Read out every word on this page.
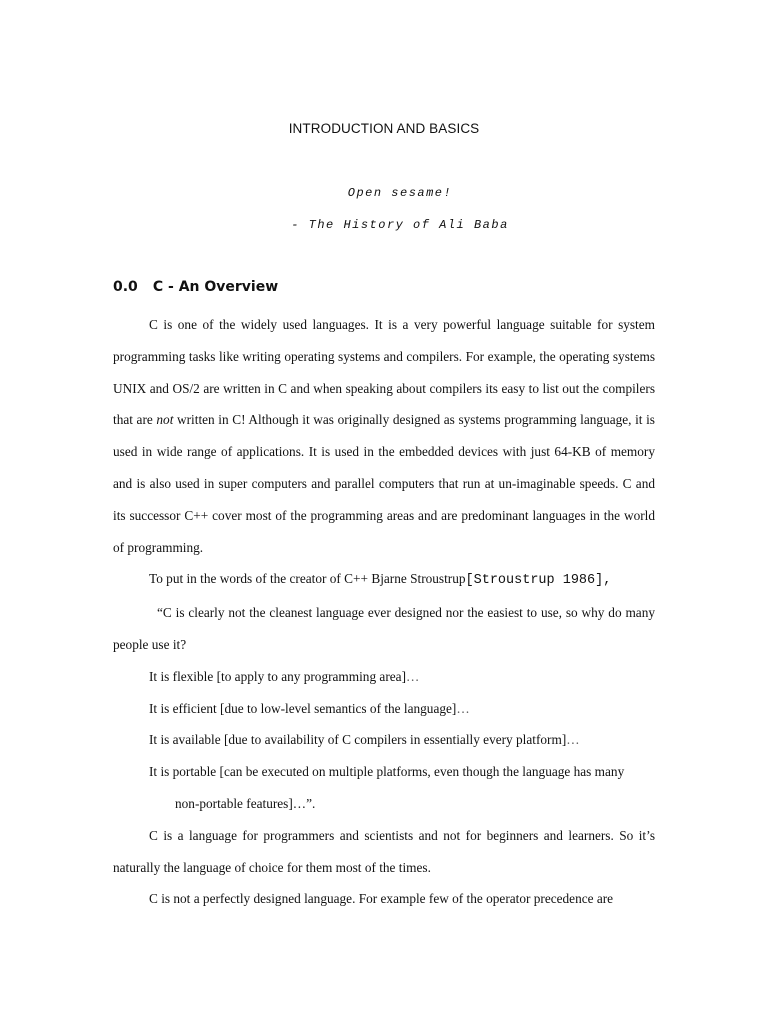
INTRODUCTION AND BASICS
Open sesame!
- The History of Ali Baba
0.0 C - An Overview

C is one of the widely used languages. It is a very powerful language suitable for system programming tasks like writing operating systems and compilers. For example, the operating systems UNIX and OS/2 are written in C and when speaking about compilers its easy to list out the compilers that are not written in C! Although it was originally designed as systems programming language, it is used in wide range of applications. It is used in the embedded devices with just 64-KB of memory and is also used in super computers and parallel computers that run at un-imaginable speeds. C and its successor C++ cover most of the programming areas and are predominant languages in the world of programming.

To put in the words of the creator of C++ Bjarne Stroustrup[Stroustrup 1986],

“C is clearly not the cleanest language ever designed nor the easiest to use, so why do many people use it?

It is flexible [to apply to any programming area]…

It is efficient [due to low-level semantics of the language]…

It is available [due to availability of C compilers in essentially every platform]…

It is portable [can be executed on multiple platforms, even though the language has many

non-portable features]…”.

C is a language for programmers and scientists and not for beginners and learners. So it’s naturally the language of choice for them most of the times.

C is not a perfectly designed language. For example few of the operator precedence are
